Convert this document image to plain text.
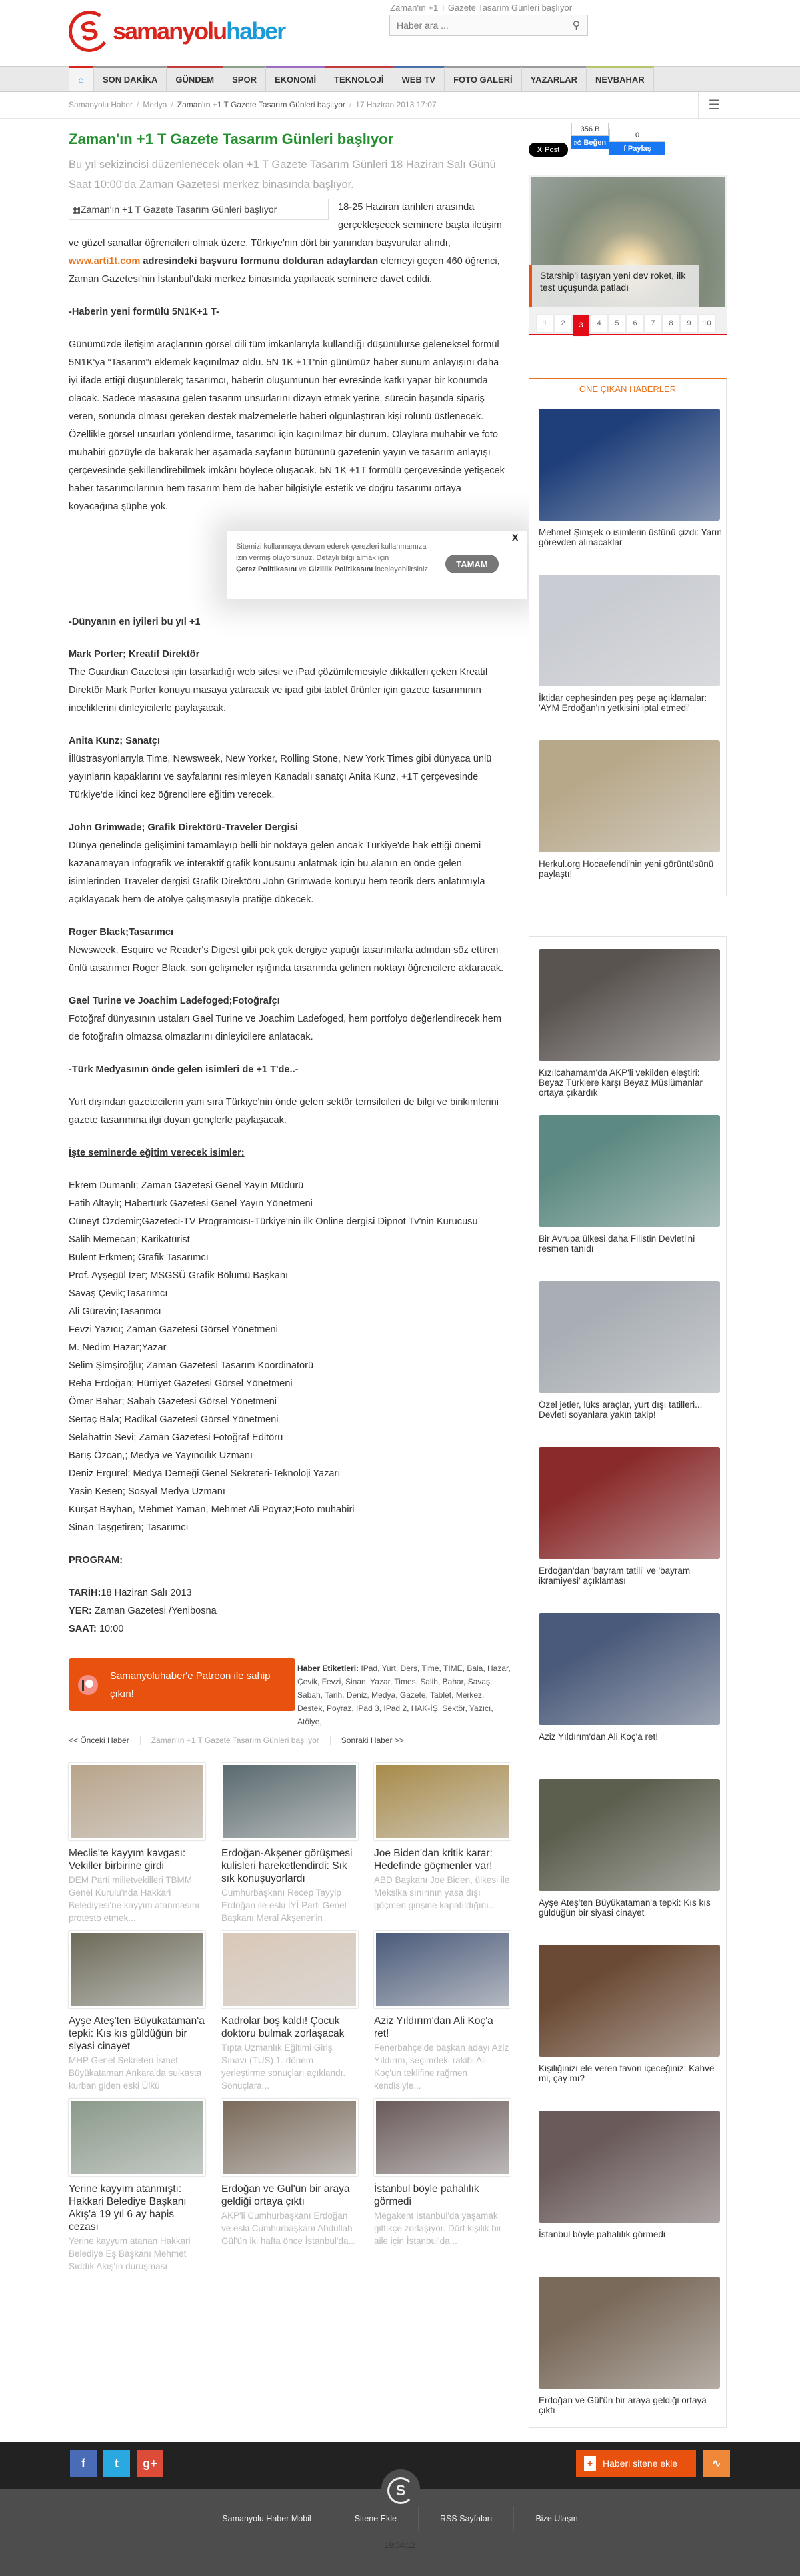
S samanyolu haber
Zaman'ın +1 T Gazete Tasarım Günleri başlıyor
Haber ara ...
⚲
⌂	SON DAKİKA	GÜNDEM	SPOR	EKONOMİ	TEKNOLOJİ	WEB TV	FOTO GALERİ	YAZARLAR	NEVBAHAR
Samanyolu Haber / Medya / Zaman'ın +1 T Gazete Tasarım Günleri başlıyor / 17 Haziran 2013 17:07	☰
Zaman'ın +1 T Gazete Tasarım Günleri başlıyor

Bu yıl sekizincisi düzenlenecek olan +1 T Gazete Tasarım Günleri 18 Haziran Salı Günü Saat 10:00'da Zaman Gazetesi merkez binasında başlıyor.

▦Zaman'ın +1 T Gazete Tasarım Günleri başlıyor	18-25 Haziran tarihleri arasında gerçekleşecek seminere başta iletişim ve güzel sanatlar öğrencileri olmak üzere, Türkiye'nin dört bir yanından başvurular alındı, www.arti1t.com adresindeki başvuru formunu dolduran adaylardan elemeyi geçen 460 öğrenci, Zaman Gazetesi'nin İstanbul'daki merkez binasında yapılacak seminere davet edildi.
-Haberin yeni formülü 5N1K+1 T-
Günümüzde iletişim araçlarının görsel dili tüm imkanlarıyla kullandığı düşünülürse geleneksel formül 5N1K'ya “Tasarım”ı eklemek kaçınılmaz oldu. 5N 1K +1T'nin günümüz haber sunum anlayışını daha iyi ifade ettiği düşünülerek; tasarımcı, haberin oluşumunun her evresinde katkı yapar bir konumda olacak. Sadece masasına gelen tasarım unsurlarını dizayn etmek yerine, sürecin başında sipariş veren, sonunda olması gereken destek malzemelerle haberi olgunlaştıran kişi rolünü üstlenecek. Özellikle görsel unsurları yönlendirme, tasarımcı için kaçınılmaz bir durum. Olaylara muhabir ve foto muhabiri gözüyle de bakarak her aşamada sayfanın bütününü gazetenin yayın ve tasarım anlayışı çerçevesinde şekillendirebilmek imkânı böylece oluşacak. 5N 1K +1T formülü çerçevesinde yetişecek haber tasarımcılarının hem tasarım hem de haber bilgisiyle estetik ve doğru tasarımı ortaya koyacağına şüphe yok.
Sitemizi kullanmaya devam ederek çerezleri kullanmamıza izin vermiş oluyorsunuz. Detaylı bilgi almak için
Çerez Politikasını ve Gizlilik Politikasını inceleyebilirsiniz.
TAMAM
X
-Dünyanın en iyileri bu yıl +1
Mark Porter; Kreatif Direktör
The Guardian Gazetesi için tasarladığı web sitesi ve iPad çözümlemesiyle dikkatleri çeken Kreatif Direktör Mark Porter konuyu masaya yatıracak ve ipad gibi tablet ürünler için gazete tasarımının inceliklerini dinleyicilerle paylaşacak.
Anita Kunz; Sanatçı
İllüstrasyonlarıyla Time, Newsweek, New Yorker, Rolling Stone, New York Times gibi dünyaca ünlü yayınların kapaklarını ve sayfalarını resimleyen Kanadalı sanatçı Anita Kunz, +1T çerçevesinde Türkiye'de ikinci kez öğrencilere eğitim verecek.
John Grimwade; Grafik Direktörü-Traveler Dergisi
Dünya genelinde gelişimini tamamlayıp belli bir noktaya gelen ancak Türkiye'de hak ettiği önemi kazanamayan infografik ve interaktif grafik konusunu anlatmak için bu alanın en önde gelen isimlerinden Traveler dergisi Grafik Direktörü John Grimwade konuyu hem teorik ders anlatımıyla açıklayacak hem de atölye çalışmasıyla pratiğe dökecek.
Roger Black;Tasarımcı
Newsweek, Esquire ve Reader's Digest gibi pek çok dergiye yaptığı tasarımlarla adından söz ettiren ünlü tasarımcı Roger Black, son gelişmeler ışığında tasarımda gelinen noktayı öğrencilere aktaracak.
Gael Turine ve Joachim Ladefoged;Fotoğrafçı
Fotoğraf dünyasının ustaları Gael Turine ve Joachim Ladefoged, hem portfolyo değerlendirecek hem de fotoğrafın olmazsa olmazlarını dinleyicilere anlatacak.
-Türk Medyasının önde gelen isimleri de +1 T'de..-
Yurt dışından gazetecilerin yanı sıra Türkiye'nin önde gelen sektör temsilcileri de bilgi ve birikimlerini gazete tasarımına ilgi duyan gençlerle paylaşacak.
İşte seminerde eğitim verecek isimler:
Ekrem Dumanlı; Zaman Gazetesi Genel Yayın Müdürü
Fatih Altaylı; Habertürk Gazetesi Genel Yayın Yönetmeni
Cüneyt Özdemir;Gazeteci-TV Programcısı-Türkiye'nin ilk Online dergisi Dipnot Tv'nin Kurucusu
Salih Memecan; Karikatürist
Bülent Erkmen; Grafik Tasarımcı
Prof. Ayşegül İzer; MSGSÜ Grafik Bölümü Başkanı
Savaş Çevik;Tasarımcı
Ali Gürevin;Tasarımcı
Fevzi Yazıcı; Zaman Gazetesi Görsel Yönetmeni
M. Nedim Hazar;Yazar
Selim Şimşiroğlu; Zaman Gazetesi Tasarım Koordinatörü
Reha Erdoğan; Hürriyet Gazetesi Görsel Yönetmeni
Ömer Bahar; Sabah Gazetesi Görsel Yönetmeni
Sertaç Bala; Radikal Gazetesi Görsel Yönetmeni
Selahattin Sevi; Zaman Gazetesi Fotoğraf Editörü
Barış Özcan,; Medya ve Yayıncılık Uzmanı
Deniz Ergürel; Medya Derneği Genel Sekreteri-Teknoloji Yazarı
Yasin Kesen; Sosyal Medya Uzmanı
Kürşat Bayhan, Mehmet Yaman, Mehmet Ali Poyraz;Foto muhabiri
Sinan Taşgetiren; Tasarımcı
PROGRAM:
TARİH:18 Haziran Salı 2013
YER: Zaman Gazetesi /Yenibosna
SAAT: 10:00
Samanyoluhaber'e Patreon ile sahip çıkın!
Haber Etiketleri: IPad, Yurt, Ders, Time, TIME, Bala, Hazar, Çevik, Fevzi, Sinan, Yazar, Times, Salih, Bahar, Savaş, Sabah, Tarih, Deniz, Medya, Gazete, Tablet, Merkez, Destek, Poyraz, IPad 3, IPad 2, HAK-İŞ, Sektör, Yazıcı, Atölye,
<< Önceki Haber	Zaman'ın +1 T Gazete Tasarım Günleri başlıyor	Sonraki Haber >>
Meclis'te kayyım kavgası: Vekiller birbirine girdi
DEM Parti milletvekilleri TBMM Genel Kurulu'nda Hakkari Belediyesi'ne kayyım atanmasını protesto etmek...
Erdoğan-Akşener görüşmesi kulisleri hareketlendirdi: Sık sık konuşuyorlardı
Cumhurbaşkanı Recep Tayyip Erdoğan ile eski İYİ Parti Genel Başkanı Meral Akşener'in
Joe Biden'dan kritik karar: Hedefinde göçmenler var!
ABD Başkanı Joe Biden, ülkesi ile Meksika sınırının yasa dışı göçmen girişine kapatıldığını...
Ayşe Ateş'ten Büyükataman'a tepki: Kıs kıs güldüğün bir siyasi cinayet
MHP Genel Sekreteri İsmet Büyükataman Ankara'da suikasta kurban giden eski Ülkü
Kadrolar boş kaldı! Çocuk doktoru bulmak zorlaşacak
Tıpta Uzmanlık Eğitimi Giriş Sınavı (TUS) 1. dönem yerleştirme sonuçları açıklandı. Sonuçlara...
Aziz Yıldırım'dan Ali Koç'a ret!
Fenerbahçe'de başkan adayı Aziz Yıldırım, seçimdeki rakibi Ali Koç'un teklifine rağmen kendisiyle...
Yerine kayyım atanmıştı: Hakkari Belediye Başkanı Akış'a 19 yıl 6 ay hapis cezası
Yerine kayyum atanan Hakkari Belediye Eş Başkanı Mehmet Sıddık Akış'ın duruşması
Erdoğan ve Gül'ün bir araya geldiği ortaya çıktı
AKP'li Cumhurbaşkanı Erdoğan ve eski Cumhurbaşkanı Abdullah Gül'ün iki hafta önce İstanbul'da...
İstanbul böyle pahalılık görmedi
Megakent İstanbul'da yaşamak gittikçe zorlaşıyor. Dört kişilik bir aile için İstanbul'da...
X Post
356 B
👍︎
Beğen
0
f
Paylaş
Starship'i taşıyan yeni dev roket, ilk test uçuşunda patladı
1	2	3	4	5	6	7	8	9	10
ÖNE ÇIKAN HABERLER
Mehmet Şimşek o isimlerin üstünü çizdi: Yarın görevden alınacaklar
İktidar cephesinden peş peşe açıklamalar: 'AYM Erdoğan'ın yetkisini iptal etmedi'
Herkul.org Hocaefendi'nin yeni görüntüsünü paylaştı!
Kızılcahamam'da AKP'li vekilden eleştiri: Beyaz Türklere karşı Beyaz Müslümanlar ortaya çıkardık
Bir Avrupa ülkesi daha Filistin Devleti'ni resmen tanıdı
Özel jetler, lüks araçlar, yurt dışı tatilleri... Devleti soyanlara yakın takip!
Erdoğan'dan 'bayram tatili' ve 'bayram ikramiyesi' açıklaması
Aziz Yıldırım'dan Ali Koç'a ret!
Ayşe Ateş'ten Büyükataman'a tepki: Kıs kıs güldüğün bir siyasi cinayet
Kişiliğinizi ele veren favori içeceğiniz: Kahve mi, çay mı?
İstanbul böyle pahalılık görmedi
Erdoğan ve Gül'ün bir araya geldiği ortaya çıktı
f	t	g+	+	Haberi sitene ekle	∿
S
Samanyolu Haber Mobil	Sitene Ekle	RSS Sayfaları	Bize Ulaşın
19:34:12
